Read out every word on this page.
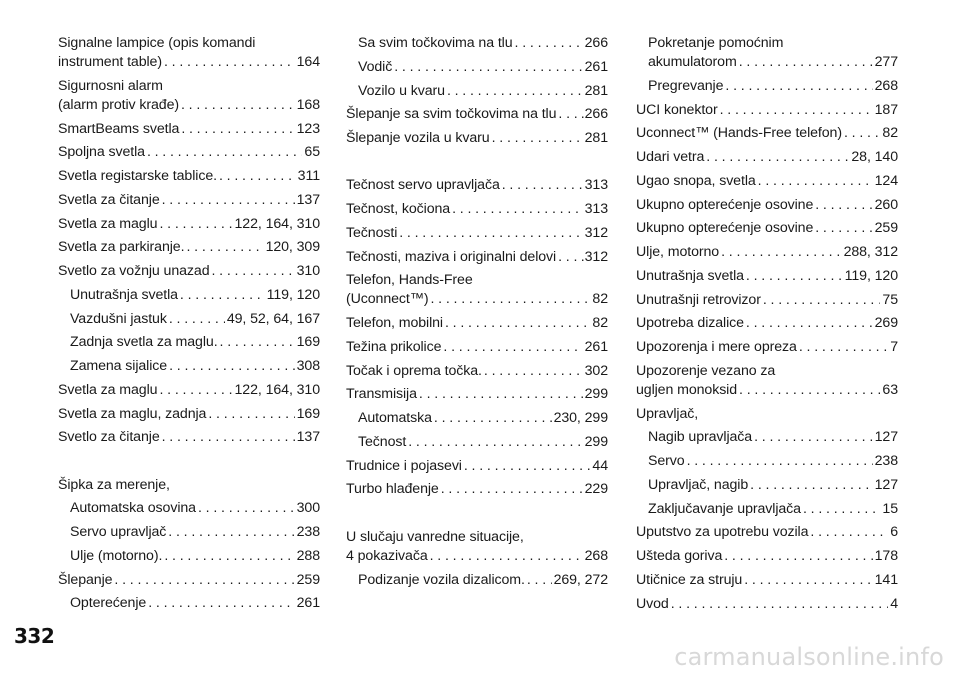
Signalne lampice (opis komandi
instrument table) . . .	164
Sigurnosni alarm
(alarm protiv krađe) . . .	168
SmartBeams svetla . . .	123
Spoljna svetla . . .	65
Svetla registarske tablice. . . .	311
Svetla za čitanje . . .	137
Svetla za maglu . . .	122, 164, 310
Svetla za parkiranje. . . .	120, 309
Svetlo za vožnju unazad . . .	310
Unutrašnja svetla . . .	119, 120
Vazdušni jastuk . . .	49, 52, 64, 167
Zadnja svetla za maglu. . . .	169
Zamena sijalice . . .	308
Svetla za maglu . . .	122, 164, 310
Svetla za maglu, zadnja . . .	169
Svetlo za čitanje . . .	137
Šipka za merenje,
Automatska osovina . . .	300
Servo upravljač . . .	238
Ulje (motorno). . . .	288
Šlepanje . . .	259
Opterećenje . . .	261
Sa svim točkovima na tlu . . .	266
Vodič . . .	261
Vozilo u kvaru . . .	281
Šlepanje sa svim točkovima na tlu . . . .266
Šlepanje vozila u kvaru . . .	281
Tečnost servo upravljača . . .	313
Tečnost, kočiona . . .	313
Tečnosti . . .	312
Tečnosti, maziva i originalni delovi . . . .312
Telefon, Hands-Free
(Uconnect™) . . .	82
Telefon, mobilni . . .	82
Težina prikolice . . .	261
Točak i oprema točka. . . .	302
Transmisija . . .	299
Automatska . . .	230, 299
Tečnost . . .	299
Trudnice i pojasevi . . .	44
Turbo hlađenje . . .	229
U slučaju vanredne situacije,
4 pokazivača . . .	268
Podizanje vozila dizalicom. . . . 269, 272
Pokretanje pomoćnim
akumulatorom . . .	277
Pregrevanje . . .	268
UCI konektor . . .	187
Uconnect™ (Hands-Free telefon) . . .	82
Udari vetra . . .	28, 140
Ugao snopa, svetla . . .	124
Ukupno opterećenje osovine . . .	260
Ukupno opterećenje osovine . . .	259
Ulje, motorno . . .	288, 312
Unutrašnja svetla . . .	119, 120
Unutrašnji retrovizor . . .	75
Upotreba dizalice . . .	269
Upozorenja i mere opreza . . .	7
Upozorenje vezano za
ugljen monoksid . . .	63
Upravljač,
Nagib upravljača . . .	127
Servo . . .	238
Upravljač, nagib . . .	127
Zaključavanje upravljača . . .	15
Uputstvo za upotrebu vozila . . .	6
Ušteda goriva . . .	178
Utičnice za struju . . .	141
Uvod . . .	4
332
carmanualsonline.info
